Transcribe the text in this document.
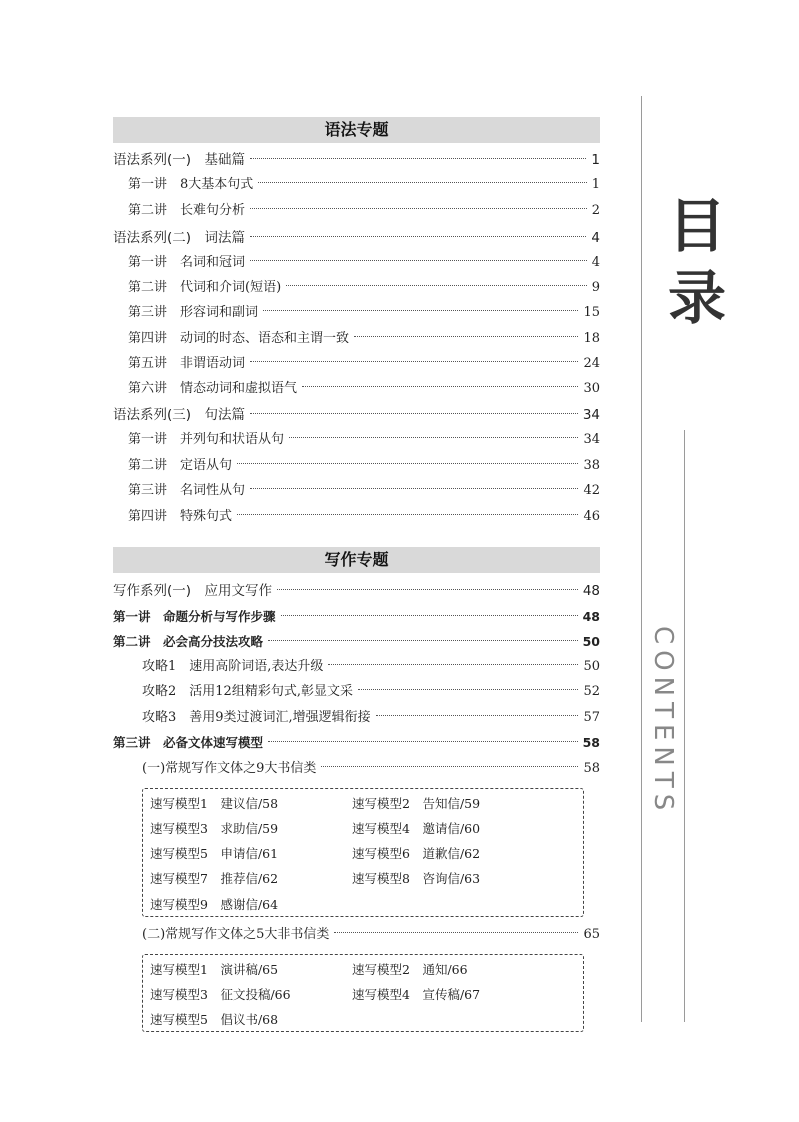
语法专题
语法系列(一)　基础篇	1
第一讲　8大基本句式	1
第二讲　长难句分析	2
语法系列(二)　词法篇	4
第一讲　名词和冠词	4
第二讲　代词和介词(短语)	9
第三讲　形容词和副词	15
第四讲　动词的时态、语态和主谓一致	18
第五讲　非谓语动词	24
第六讲　情态动词和虚拟语气	30
语法系列(三)　句法篇	34
第一讲　并列句和状语从句	34
第二讲　定语从句	38
第三讲　名词性从句	42
第四讲　特殊句式	46
写作专题
写作系列(一)　应用文写作	48
第一讲　命题分析与写作步骤	48
第二讲　必会高分技法攻略	50
攻略1　速用高阶词语,表达升级	50
攻略2　活用12组精彩句式,彰显文采	52
攻略3　善用9类过渡词汇,增强逻辑衔接	57
第三讲　必备文体速写模型	58
(一)常规写作文体之9大书信类	58
速写模型1　建议信/58	速写模型2　告知信/59
速写模型3　求助信/59	速写模型4　邀请信/60
速写模型5　申请信/61	速写模型6　道歉信/62
速写模型7　推荐信/62	速写模型8　咨询信/63
速写模型9　感谢信/64
(二)常规写作文体之5大非书信类	65
速写模型1　演讲稿/65	速写模型2　通知/66
速写模型3　征文投稿/66	速写模型4　宣传稿/67
速写模型5　倡议书/68
目
录
CONTENTS
